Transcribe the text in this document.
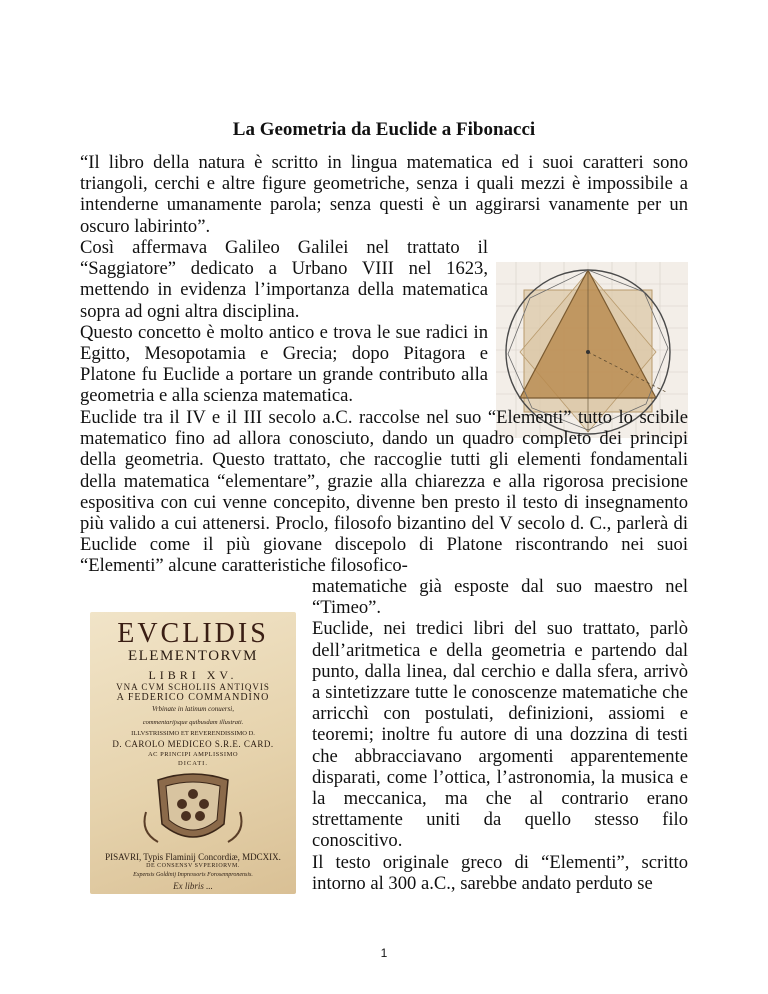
La Geometria da Euclide a Fibonacci

“Il libro della natura è scritto in lingua matematica ed i suoi caratteri sono triangoli, cerchi e altre figure geometriche, senza i quali mezzi è impossibile a intenderne umanamente parola; senza questi è un aggirarsi vanamente per un oscuro labirinto”.

Così affermava Galileo Galilei nel trattato il “Saggiatore” dedicato a Urbano VIII nel 1623, mettendo in evidenza l’importanza della matematica sopra ad ogni altra disciplina.

Questo concetto è molto antico e trova le sue radici in Egitto, Mesopotamia e Grecia; dopo Pitagora e Platone fu Euclide a portare un grande contributo alla geometria e alla scienza matematica.

Euclide tra il IV e il III secolo a.C. raccolse nel suo “Elementi” tutto lo scibile matematico fino ad allora conosciuto, dando un quadro completo dei principi della geometria. Questo trattato, che raccoglie tutti gli elementi fondamentali della matematica “elementare”, grazie alla chiarezza e alla rigorosa precisione espositiva con cui venne concepito, divenne ben presto il testo di insegnamento più valido a cui attenersi. Proclo, filosofo bizantino del V secolo d. C., parlerà di Euclide come il più giovane discepolo di Platone riscontrando nei suoi “Elementi” alcune caratteristiche filosofico-

matematiche già esposte dal suo maestro nel “Timeo”.

Euclide, nei tredici libri del suo trattato, parlò dell’aritmetica e della geometria e partendo dal punto, dalla linea, dal cerchio e dalla sfera, arrivò a sintetizzare tutte le conoscenze matematiche che arricchì con postulati, definizioni, assiomi e teoremi; inoltre fu autore di una dozzina di testi che abbracciavano argomenti apparentemente disparati, come l’ottica, l’astronomia, la musica e la meccanica, ma che al contrario erano strettamente uniti da quello stesso filo conoscitivo.

Il testo originale greco di “Elementi”, scritto intorno al 300 a.C., sarebbe andato perduto se

EVCLIDIS
ELEMENTORVM
LIBRI XV.
VNA CVM SCHOLIIS ANTIQVIS
A FEDERICO COMMANDINO
Vrbinate in latinum conuersi,
commentarijsque quibusdam illustrati.
ILLVSTRISSIMO ET REVERENDISSIMO D.
D. CAROLO MEDICEO S.R.E. CARD.
AC PRINCIPI AMPLISSIMO
DICATI.
PISAVRI, Typis Flaminij Concordiæ, MDCXIX.
DE CONSENSV SVPERIORVM.
Expensis Goldinij Impressoris Forosempronensis.
Ex libris ...
1
